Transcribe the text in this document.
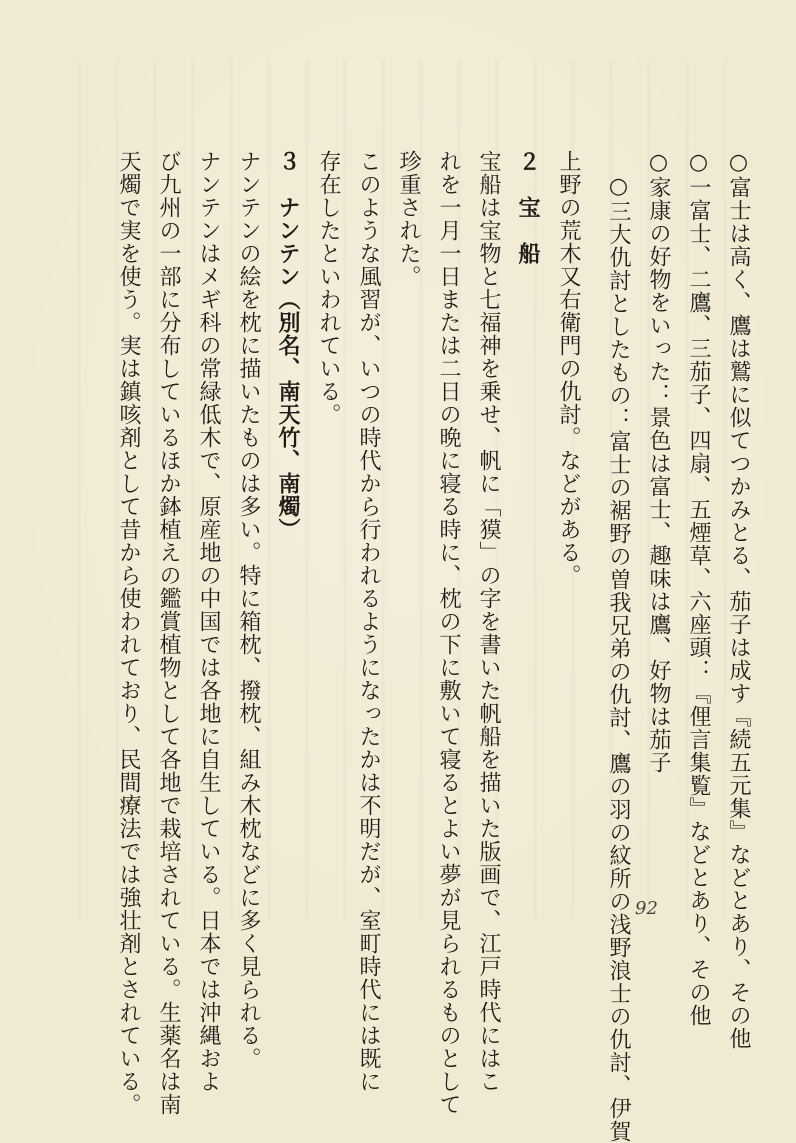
○富士は高く、鷹は鷲に似てつかみとる、茄子は成す『続五元集』などとあり、その他
○一富士、二鷹、三茄子、四扇、五煙草、六座頭：『俚言集覧』などとあり、その他
○家康の好物をいった：景色は富士、趣味は鷹、好物は茄子
○三大仇討としたもの：富士の裾野の曽我兄弟の仇討、鷹の羽の紋所の浅野浪士の仇討、伊賀
上野の荒木又右衛門の仇討。などがある。
２　宝　船
宝船は宝物と七福神を乗せ、帆に「獏」の字を書いた帆船を描いた版画で、江戸時代にはこ
れを一月一日または二日の晩に寝る時に、枕の下に敷いて寝るとよい夢が見られるものとして
珍重された。
このような風習が、いつの時代から行われるようになったかは不明だが、室町時代には既に
存在したといわれている。
３　ナンテン（別名、南天竹、南燭）
ナンテンの絵を枕に描いたものは多い。特に箱枕、撥枕、組み木枕などに多く見られる。
ナンテンはメギ科の常緑低木で、原産地の中国では各地に自生している。日本では沖縄およ
び九州の一部に分布しているほか鉢植えの鑑賞植物として各地で栽培されている。生薬名は南
天燭で実を使う。実は鎮咳剤として昔から使われており、民間療法では強壮剤とされている。	92
